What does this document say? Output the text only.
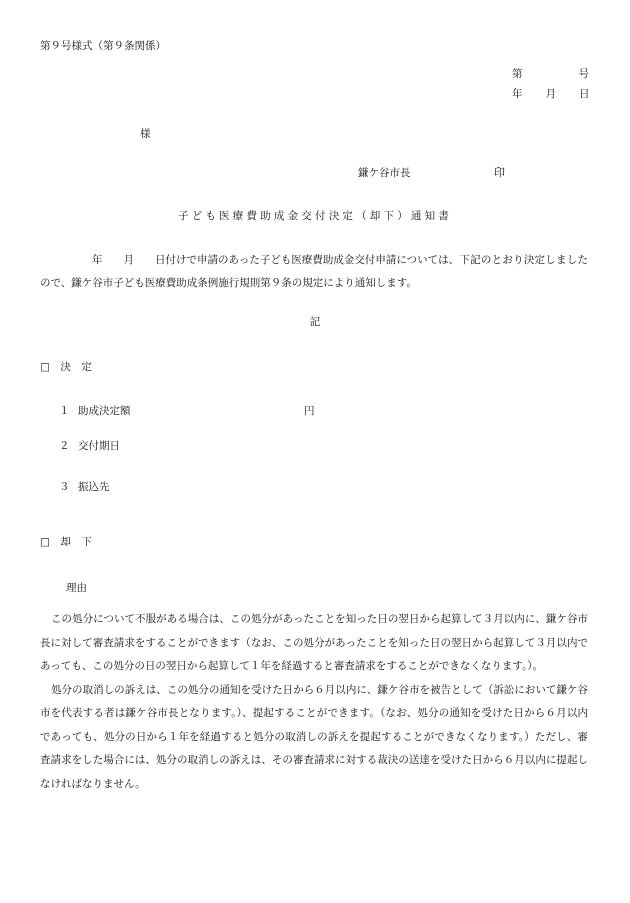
第９号様式（第９条関係）
第	号
年 月 日
様
鎌ケ谷市長	印
子ども医療費助成金交付決定（却下）通知書
年　　月　　日付けで申請のあった子ども医療費助成金交付申請については、下記のとおり決定しましたので、鎌ケ谷市子ども医療費助成条例施行規則第９条の規定により通知します。
記
□　決　定
１ 助成決定額	円
２ 交付期日
３ 振込先
□　却　下
理由

この処分について不服がある場合は、この処分があったことを知った日の翌日から起算して３月以内に、鎌ケ谷市長に対して審査請求をすることができます（なお、この処分があったことを知った日の翌日から起算して３月以内であっても、この処分の日の翌日から起算して１年を経過すると審査請求をすることができなくなります。）。

処分の取消しの訴えは、この処分の通知を受けた日から６月以内に、鎌ケ谷市を被告として（訴訟において鎌ケ谷市を代表する者は鎌ケ谷市長となります。）、提起することができます。（なお、処分の通知を受けた日から６月以内であっても、処分の日から１年を経過すると処分の取消しの訴えを提起することができなくなります。）ただし、審査請求をした場合には、処分の取消しの訴えは、その審査請求に対する裁決の送達を受けた日から６月以内に提起しなければなりません。
